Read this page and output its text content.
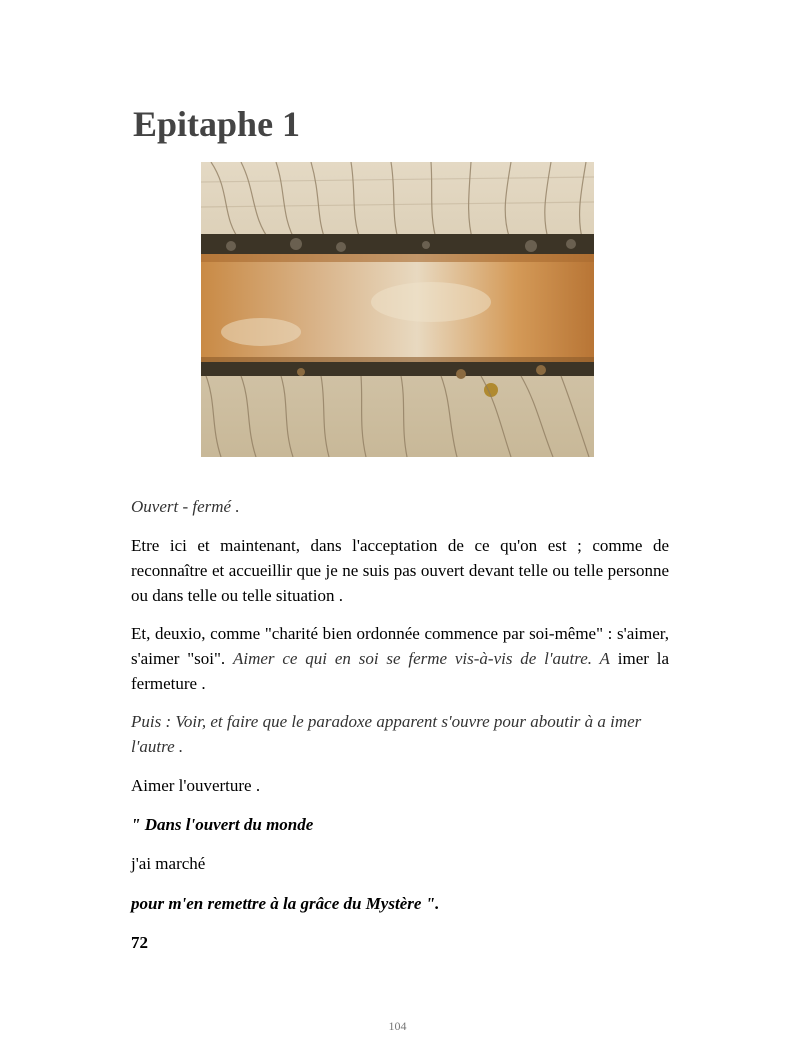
Epitaphe 1

Ouvert - fermé .

Etre ici et maintenant, dans l'acceptation de ce qu'on est ; comme de reconnaître et accueillir que je ne suis pas ouvert devant telle ou telle personne ou dans telle ou telle situation .

Et, deuxio, comme "charité bien ordonnée commence par soi-même" : s'aimer, s'aimer "soi". Aimer ce qui en soi se ferme vis-à-vis de l'autre. A imer la fermeture .

Puis : Voir, et faire que le paradoxe apparent s'ouvre pour aboutir à a imer l'autre .

Aimer l'ouverture .

" Dans l'ouvert du monde

j'ai marché

pour m'en remettre à la grâce du Mystère ".

72

104
